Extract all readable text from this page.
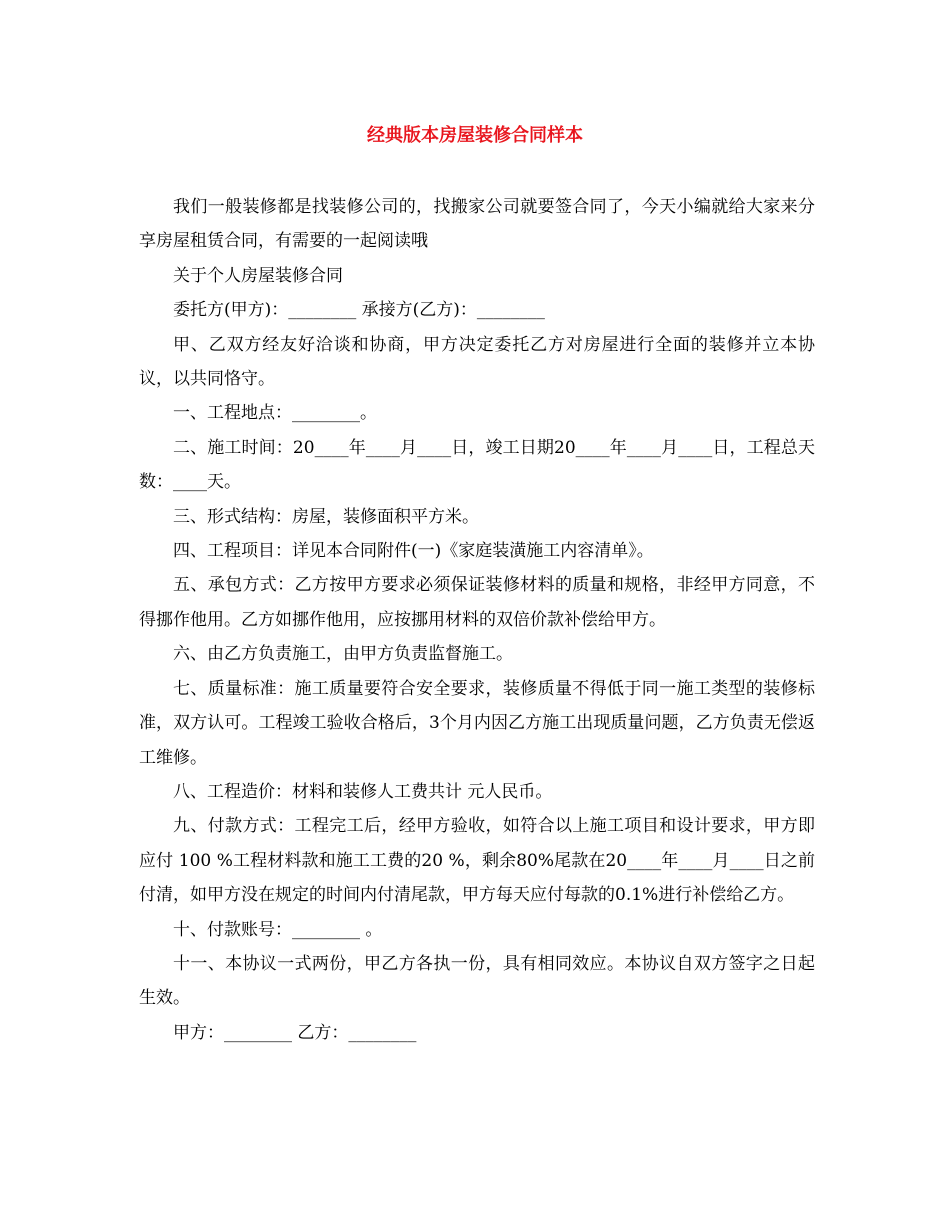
经典版本房屋装修合同样本

我们一般装修都是找装修公司的，找搬家公司就要签合同了，今天小编就给大家来分享房屋租赁合同，有需要的一起阅读哦

关于个人房屋装修合同

委托方(甲方)：________ 承接方(乙方)：________

甲、乙双方经友好洽谈和协商，甲方决定委托乙方对房屋进行全面的装修并立本协议，以共同恪守。

一、工程地点：________。

二、施工时间：20____年____月____日，竣工日期20____年____月____日，工程总天数：____天。

三、形式结构：房屋，装修面积平方米。

四、工程项目：详见本合同附件(一)《家庭装潢施工内容清单》。

五、承包方式：乙方按甲方要求必须保证装修材料的质量和规格，非经甲方同意，不得挪作他用。乙方如挪作他用，应按挪用材料的双倍价款补偿给甲方。

六、由乙方负责施工，由甲方负责监督施工。

七、质量标准：施工质量要符合安全要求，装修质量不得低于同一施工类型的装修标准，双方认可。工程竣工验收合格后，3个月内因乙方施工出现质量问题，乙方负责无偿返工维修。

八、工程造价：材料和装修人工费共计 元人民币。

九、付款方式：工程完工后，经甲方验收，如符合以上施工项目和设计要求，甲方即应付 100 %工程材料款和施工工费的20 %，剩余80%尾款在20____年____月____日之前付清，如甲方没在规定的时间内付清尾款，甲方每天应付每款的0.1%进行补偿给乙方。

十、付款账号：________ 。

十一、本协议一式两份，甲乙方各执一份，具有相同效应。本协议自双方签字之日起生效。

甲方：________ 乙方：________
